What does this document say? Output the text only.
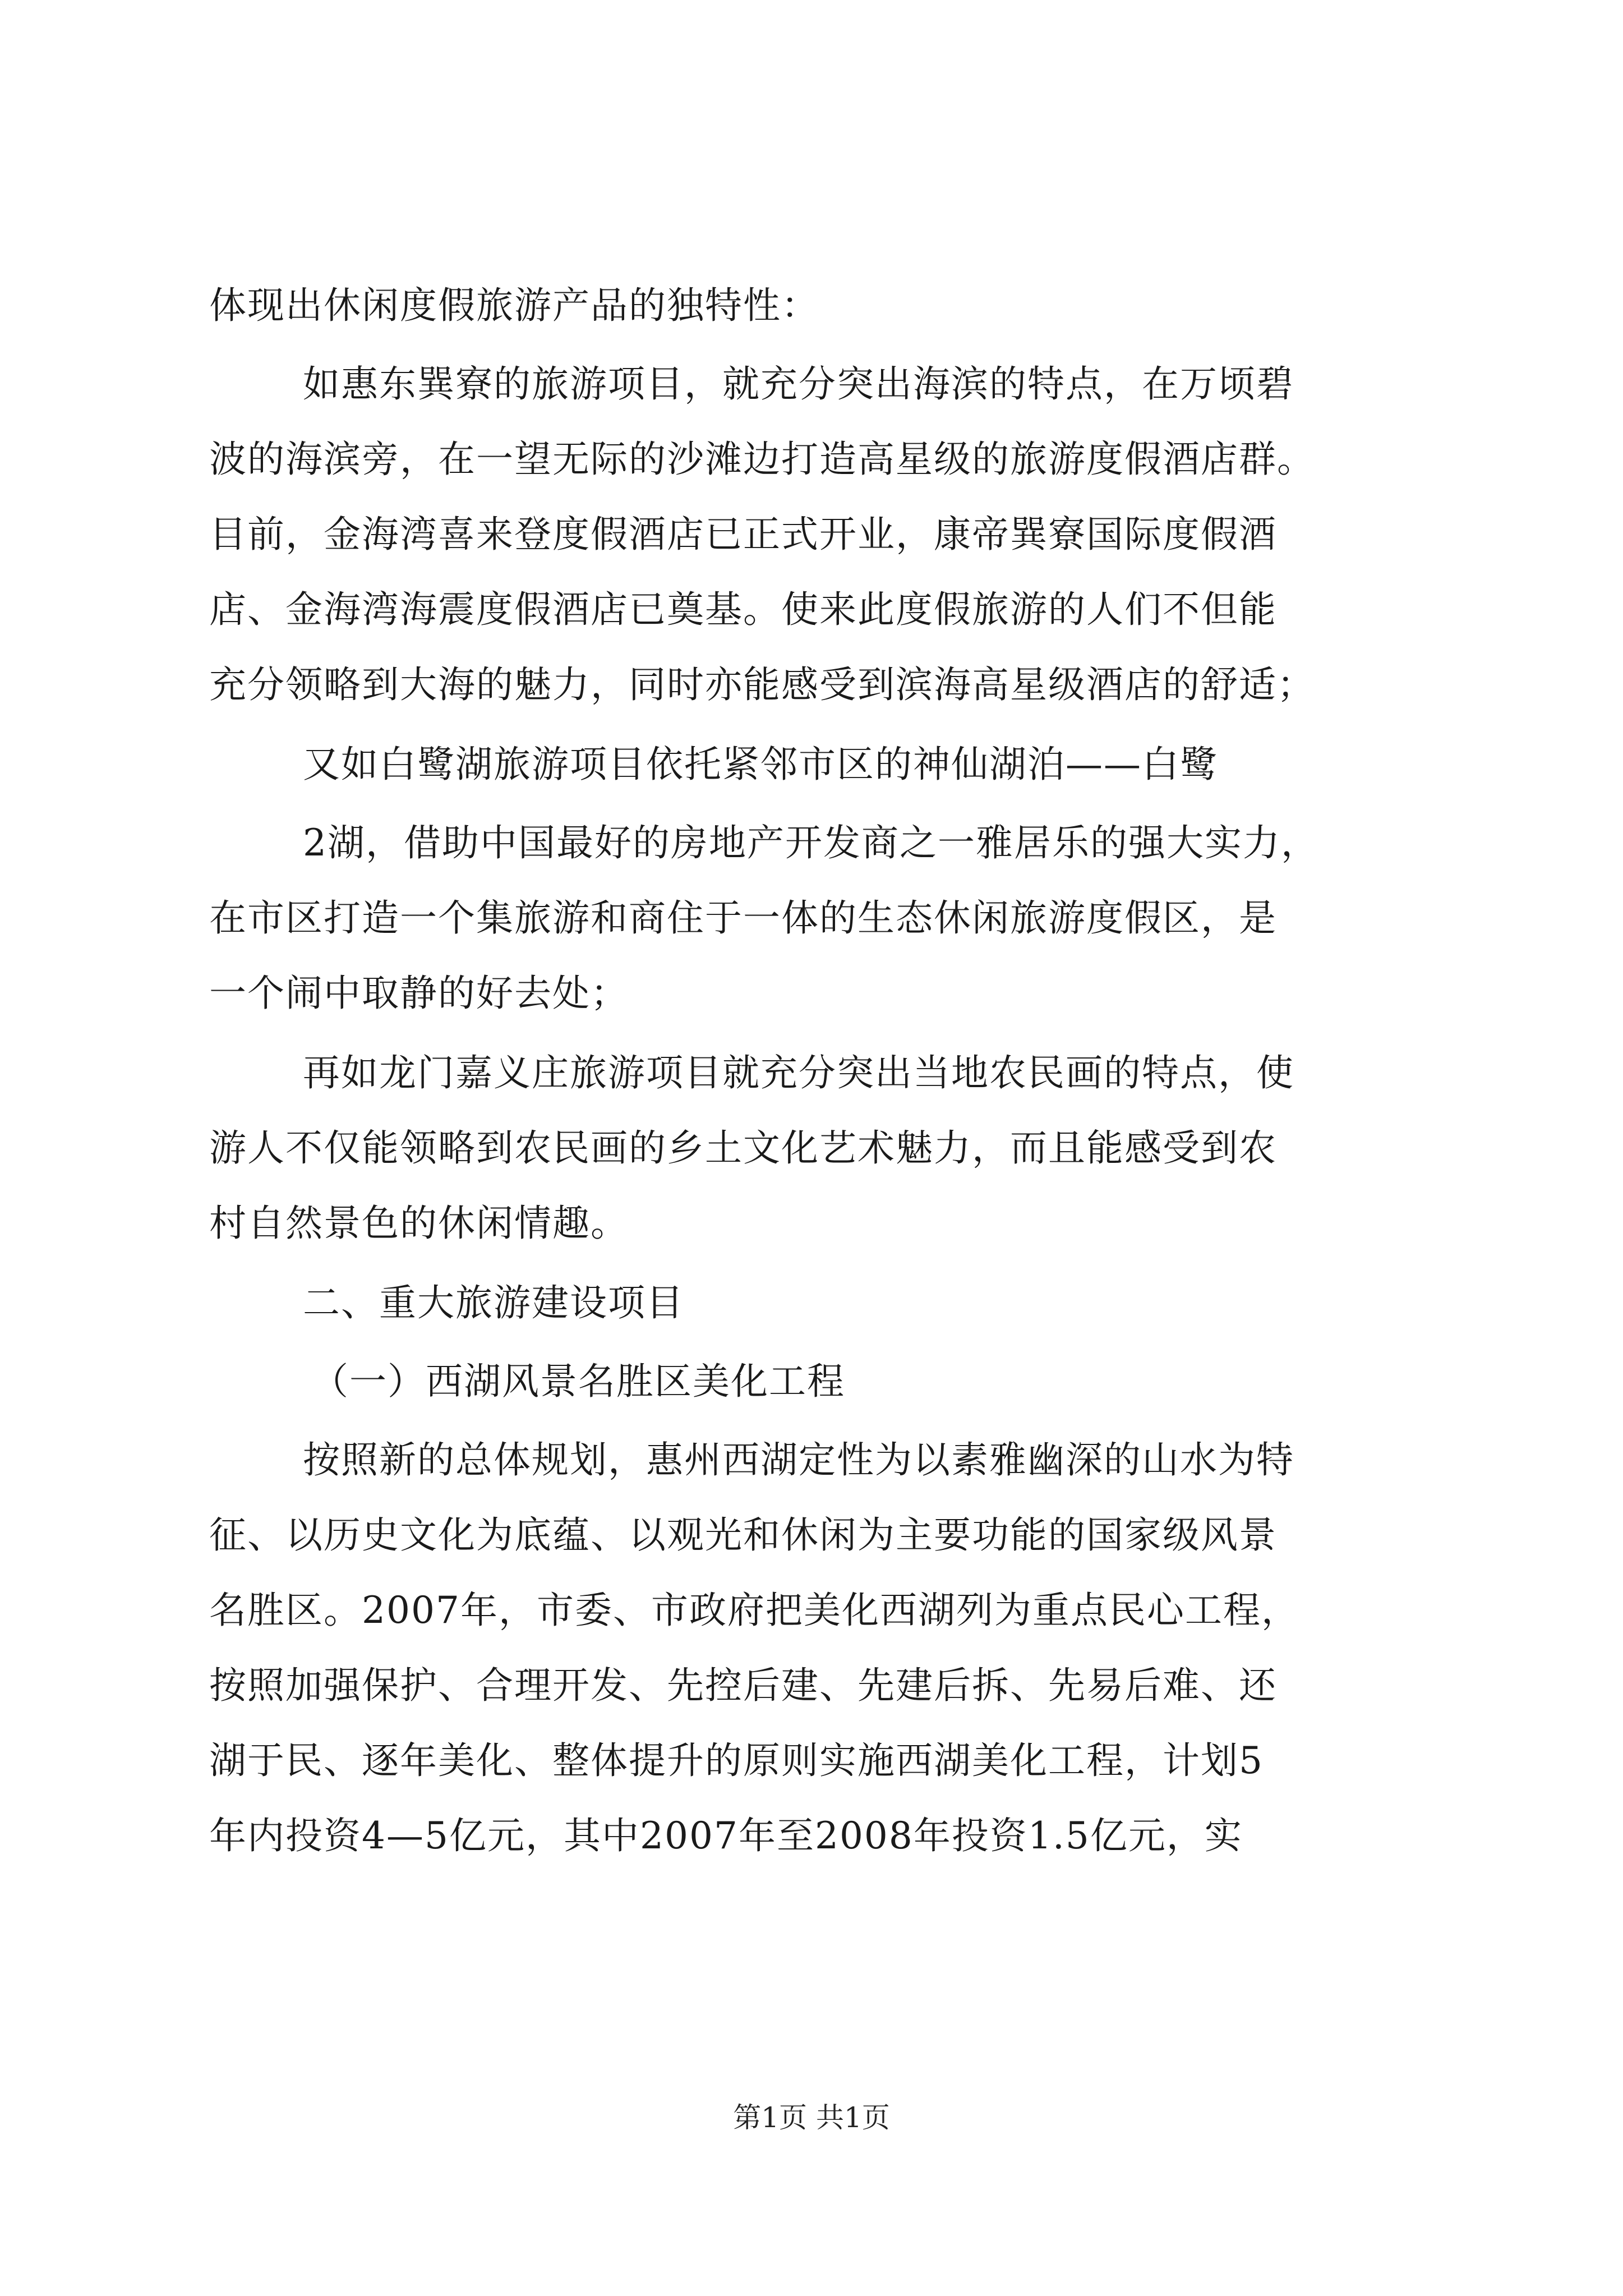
体现出休闲度假旅游产品的独特性：
如惠东巽寮的旅游项目，就充分突出海滨的特点，在万顷碧
波的海滨旁，在一望无际的沙滩边打造高星级的旅游度假酒店群。
目前，金海湾喜来登度假酒店已正式开业，康帝巽寮国际度假酒
店、金海湾海震度假酒店已奠基。使来此度假旅游的人们不但能
充分领略到大海的魅力，同时亦能感受到滨海高星级酒店的舒适；
又如白鹭湖旅游项目依托紧邻市区的神仙湖泊——白鹭
2湖，借助中国最好的房地产开发商之一雅居乐的强大实力，
在市区打造一个集旅游和商住于一体的生态休闲旅游度假区，是
一个闹中取静的好去处；
再如龙门嘉义庄旅游项目就充分突出当地农民画的特点，使
游人不仅能领略到农民画的乡土文化艺术魅力，而且能感受到农
村自然景色的休闲情趣。
二、重大旅游建设项目
（一）西湖风景名胜区美化工程
按照新的总体规划，惠州西湖定性为以素雅幽深的山水为特
征、以历史文化为底蕴、以观光和休闲为主要功能的国家级风景
名胜区。2007年，市委、市政府把美化西湖列为重点民心工程，
按照加强保护、合理开发、先控后建、先建后拆、先易后难、还
湖于民、逐年美化、整体提升的原则实施西湖美化工程，计划5
年内投资4—5亿元，其中2007年至2008年投资1.5亿元，实
第1页 共1页
